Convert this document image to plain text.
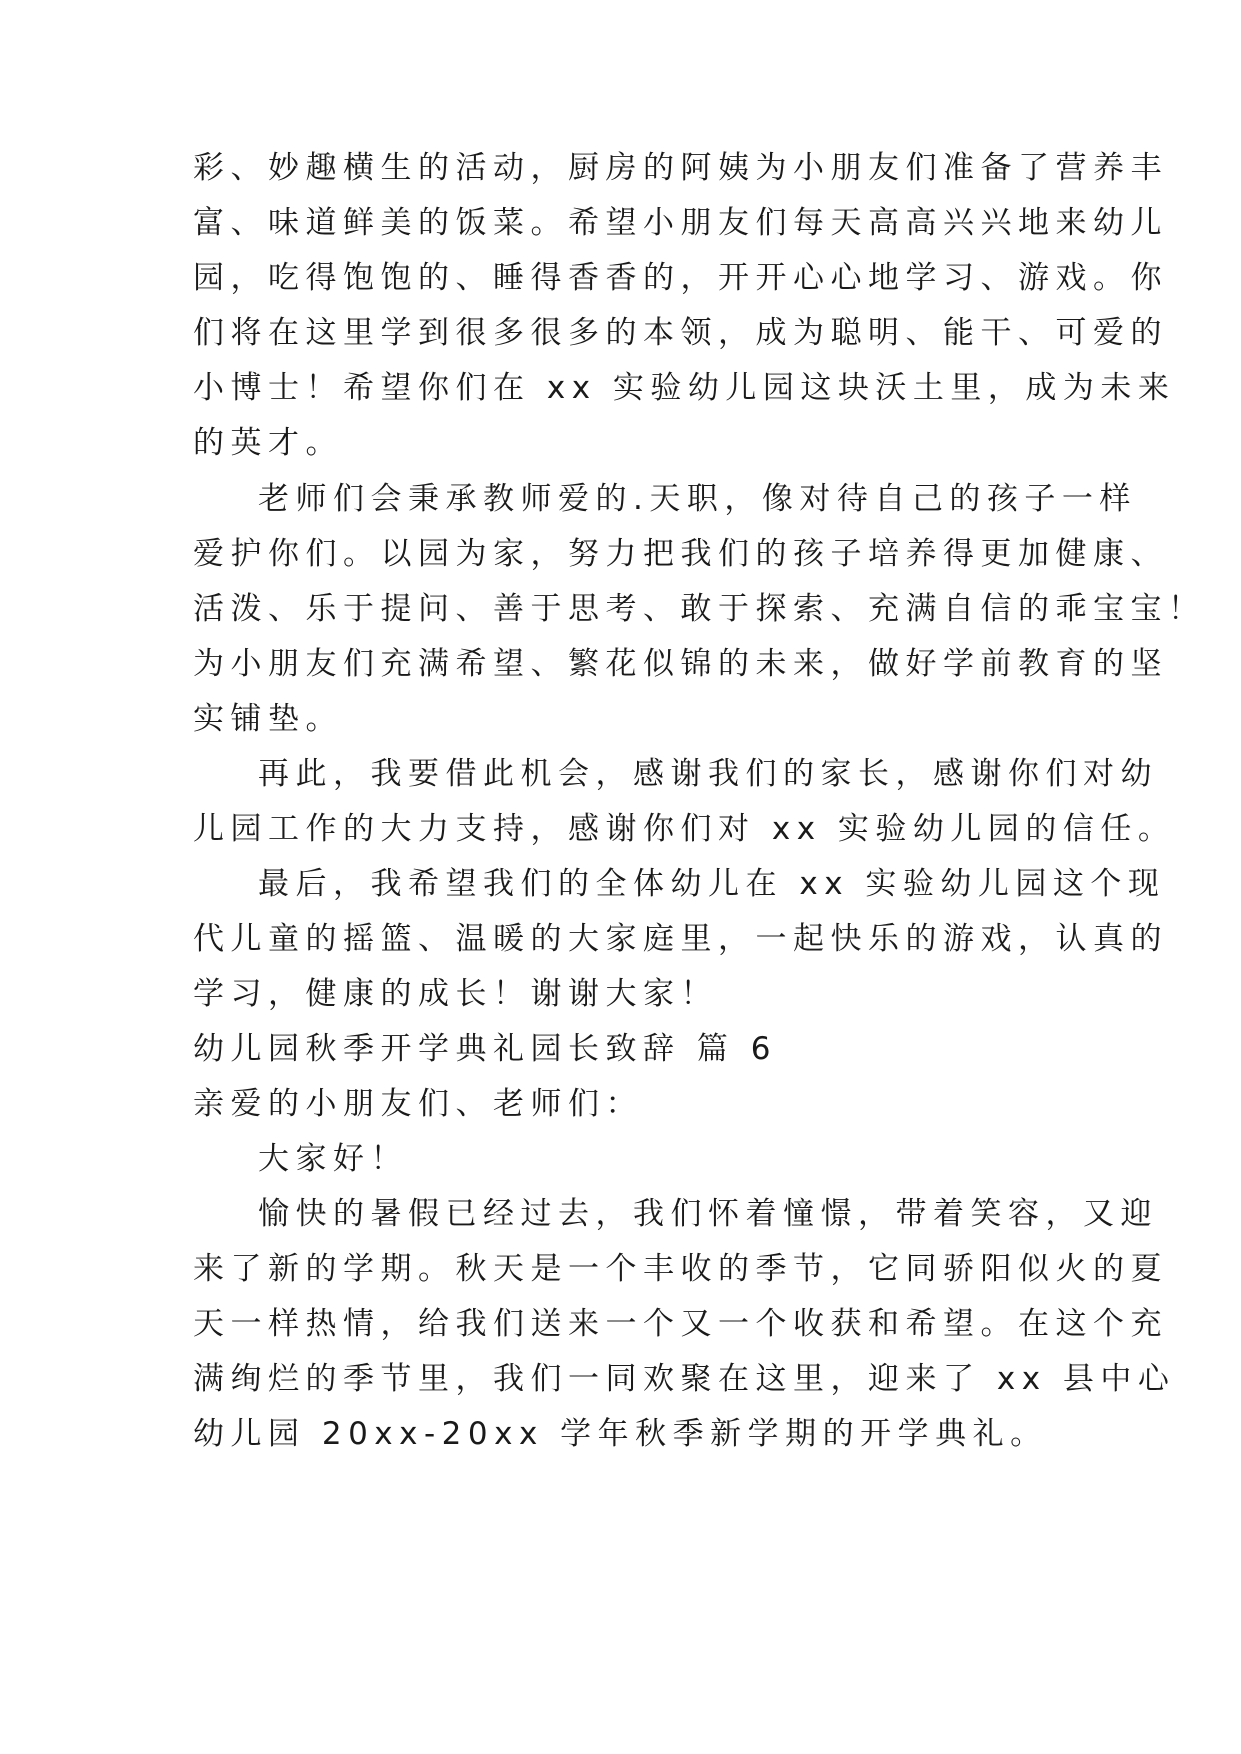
彩、妙趣横生的活动，厨房的阿姨为小朋友们准备了营养丰
富、味道鲜美的饭菜。希望小朋友们每天高高兴兴地来幼儿
园，吃得饱饱的、睡得香香的，开开心心地学习、游戏。你
们将在这里学到很多很多的本领，成为聪明、能干、可爱的
小博士！希望你们在 xx 实验幼儿园这块沃土里，成为未来
的英才。
老师们会秉承教师爱的.天职，像对待自己的孩子一样
爱护你们。以园为家，努力把我们的孩子培养得更加健康、
活泼、乐于提问、善于思考、敢于探索、充满自信的乖宝宝！
为小朋友们充满希望、繁花似锦的未来，做好学前教育的坚
实铺垫。
再此，我要借此机会，感谢我们的家长，感谢你们对幼
儿园工作的大力支持，感谢你们对 xx 实验幼儿园的信任。
最后，我希望我们的全体幼儿在 xx 实验幼儿园这个现
代儿童的摇篮、温暖的大家庭里，一起快乐的游戏，认真的
学习，健康的成长！谢谢大家！
幼儿园秋季开学典礼园长致辞 篇 6
亲爱的小朋友们、老师们：
大家好！
愉快的暑假已经过去，我们怀着憧憬，带着笑容，又迎
来了新的学期。秋天是一个丰收的季节，它同骄阳似火的夏
天一样热情，给我们送来一个又一个收获和希望。在这个充
满绚烂的季节里，我们一同欢聚在这里，迎来了 xx 县中心
幼儿园 20xx-20xx 学年秋季新学期的开学典礼。
